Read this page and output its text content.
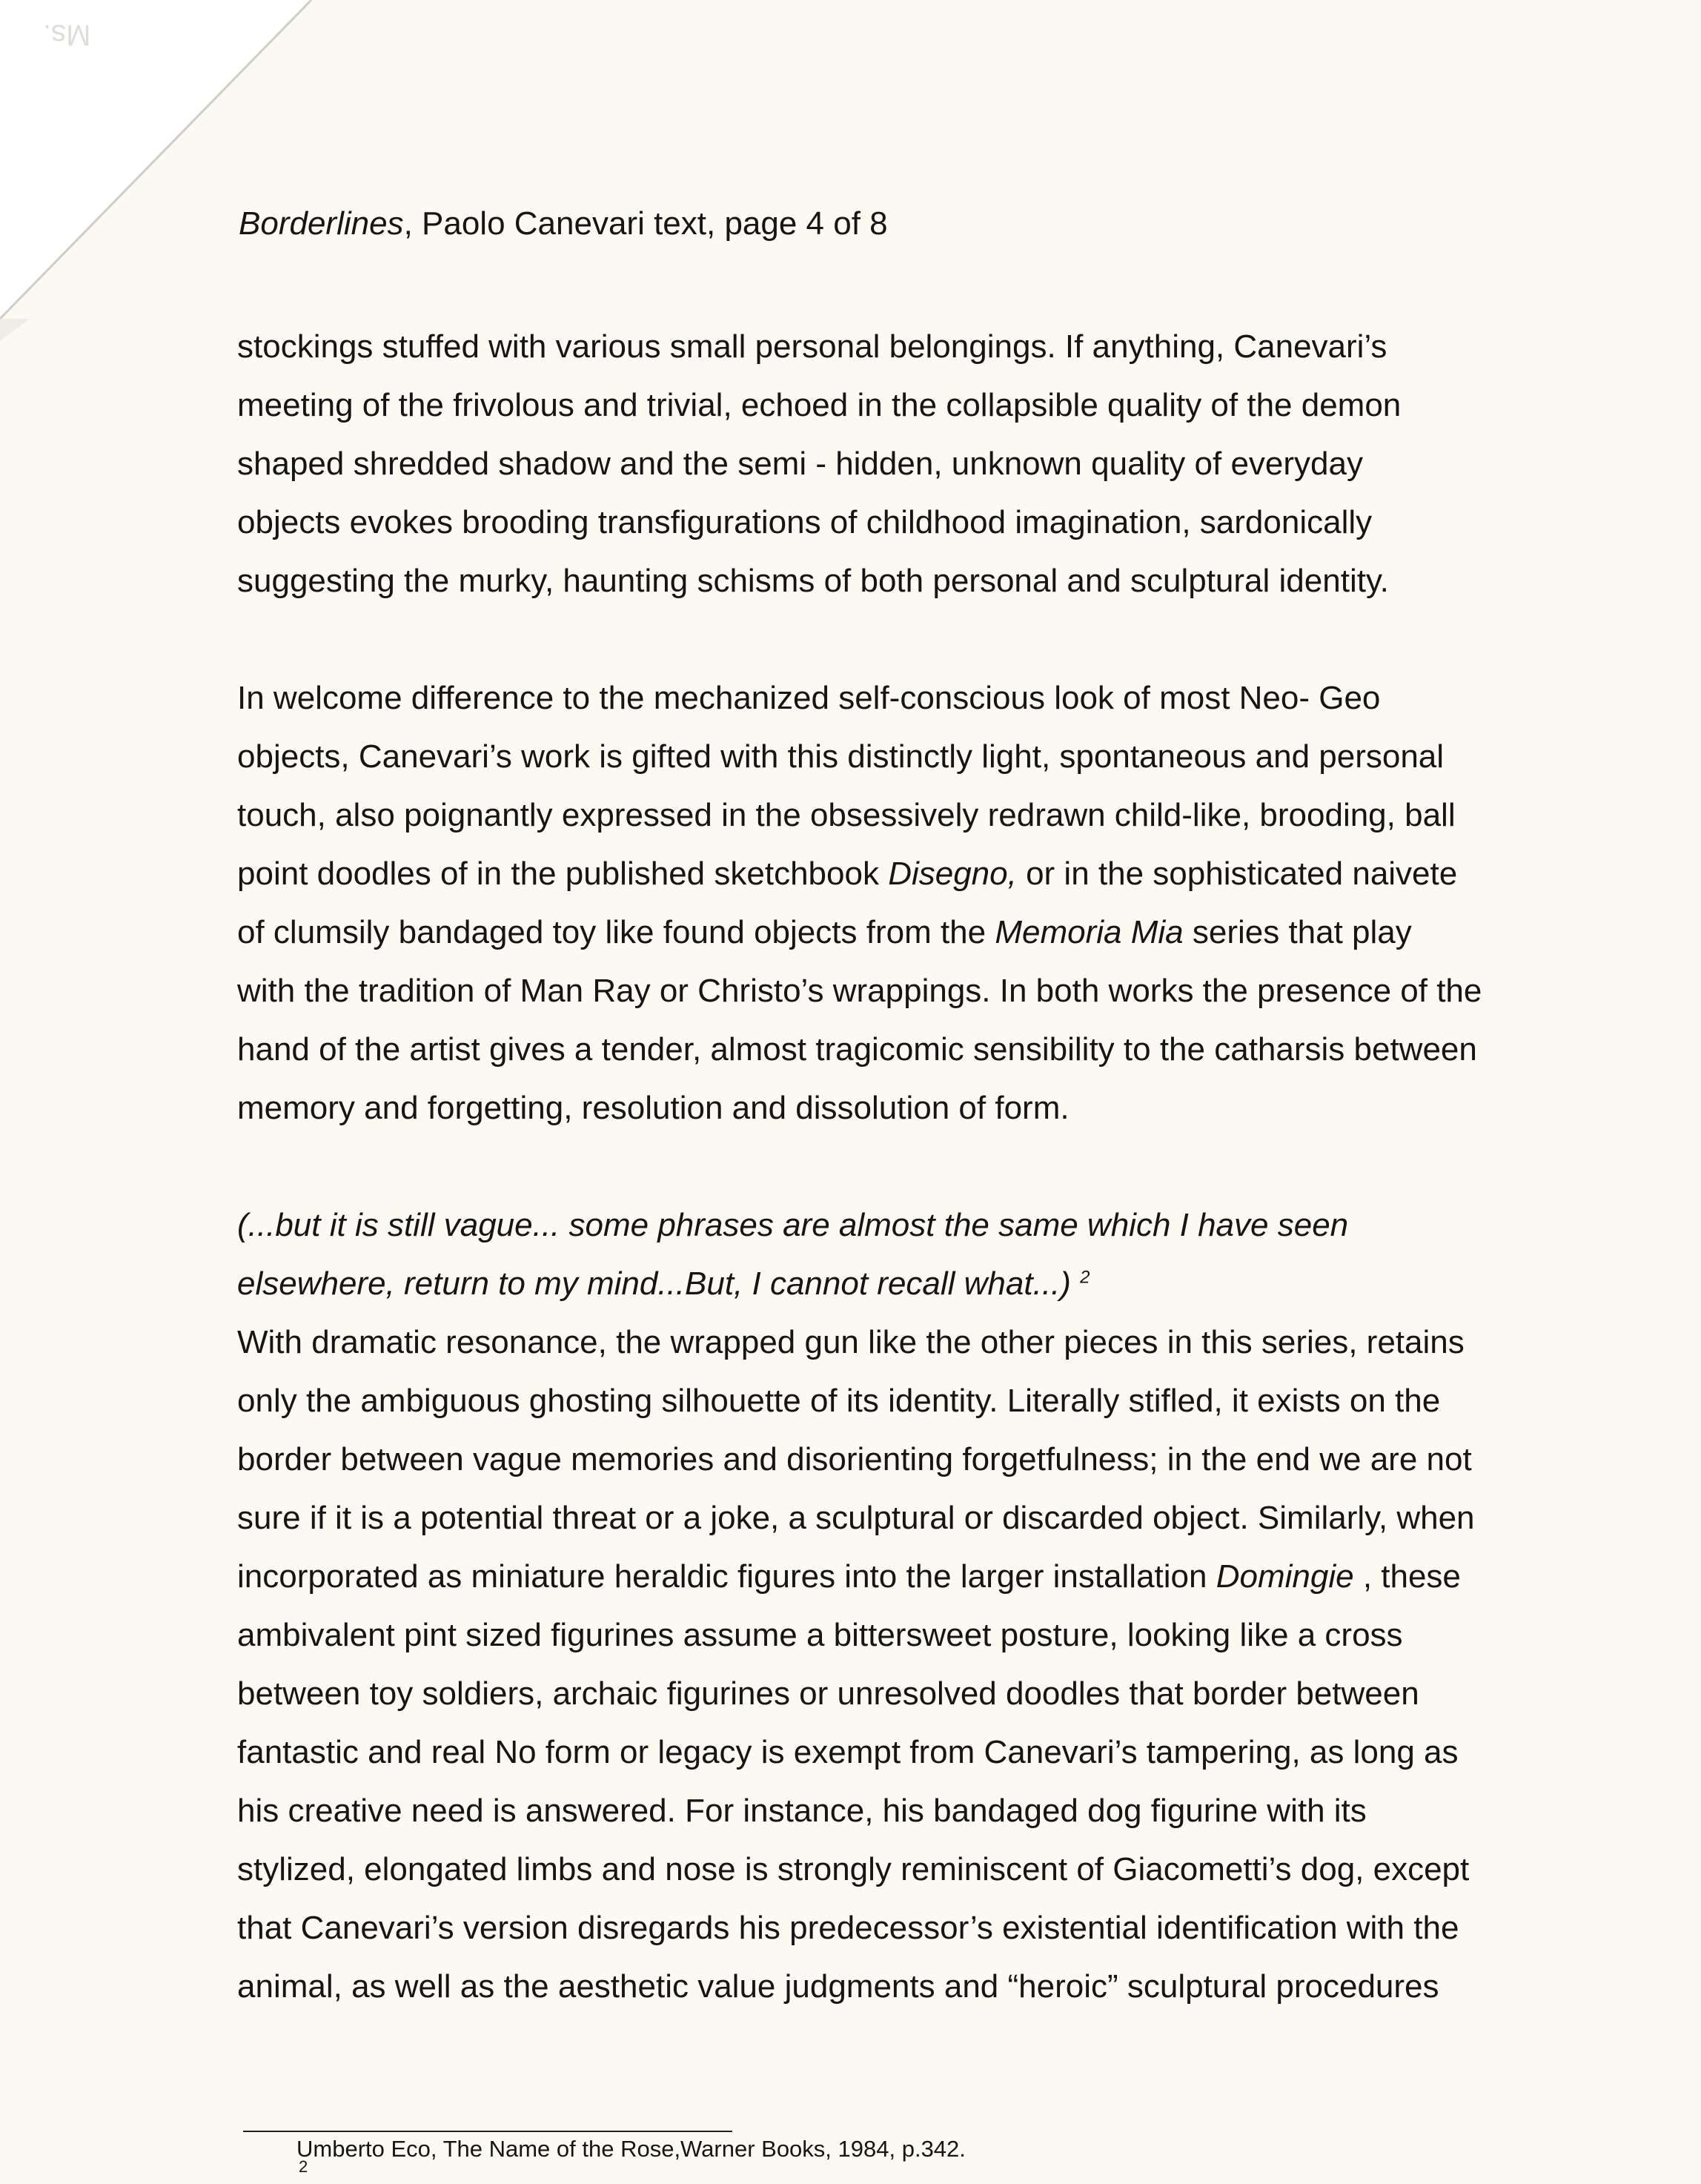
Ms.
Borderlines, Paolo Canevari text, page 4 of 8
stockings stuffed with various small personal belongings. If anything, Canevari’s
meeting of the frivolous and trivial, echoed in the collapsible quality of the demon
shaped shredded shadow and the semi - hidden, unknown quality of everyday
objects evokes brooding transfigurations of childhood imagination, sardonically
suggesting the murky, haunting schisms of both personal and sculptural identity.
In welcome difference to the mechanized self-conscious look of most Neo- Geo
objects, Canevari’s work is gifted with this distinctly light, spontaneous and personal
touch, also poignantly expressed in the obsessively redrawn child-like, brooding, ball
point doodles of in the published sketchbook Disegno, or in the sophisticated naivete
of clumsily bandaged toy like found objects from the Memoria Mia series that play
with the tradition of Man Ray or Christo’s wrappings. In both works the presence of the
hand of the artist gives a tender, almost tragicomic sensibility to the catharsis between
memory and forgetting, resolution and dissolution of form.
(...but it is still vague... some phrases are almost the same which I have seen
elsewhere, return to my mind...But, I cannot recall what...) $^2$
With dramatic resonance, the wrapped gun like the other pieces in this series, retains
only the ambiguous ghosting silhouette of its identity. Literally stifled, it exists on the
border between vague memories and disorienting forgetfulness; in the end we are not
sure if it is a potential threat or a joke, a sculptural or discarded object. Similarly, when
incorporated as miniature heraldic figures into the larger installation Domingie , these
ambivalent pint sized figurines assume a bittersweet posture, looking like a cross
between toy soldiers, archaic figurines or unresolved doodles that border between
fantastic and real No form or legacy is exempt from Canevari’s tampering, as long as
his creative need is answered. For instance, his bandaged dog figurine with its
stylized, elongated limbs and nose is strongly reminiscent of Giacometti’s dog, except
that Canevari’s version disregards his predecessor’s existential identification with the
animal, as well as the aesthetic value judgments and “heroic” sculptural procedures
2
Umberto Eco, The Name of the Rose,Warner Books, 1984, p.342.
